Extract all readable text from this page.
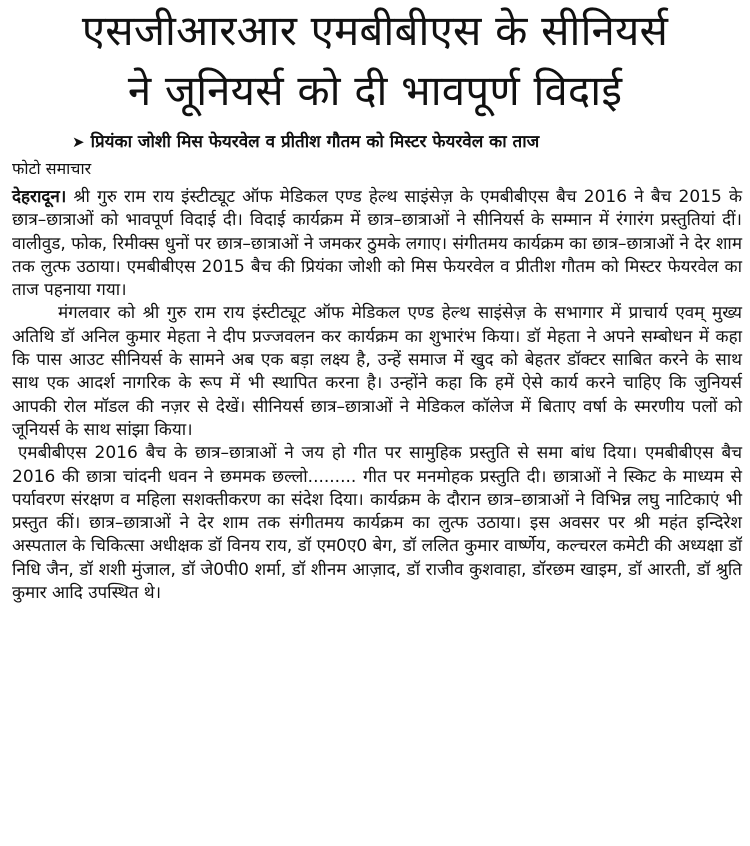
एसजीआरआर एमबीबीएस के सीनियर्स
ने जूनियर्स को दी भावपूर्ण विदाई
➤ प्रियंका जोशी मिस फेयरवेल व प्रीतीश गौतम को मिस्टर फेयरवेल का ताज
फोटो समाचार

देहरादून। श्री गुरु राम राय इंस्टीट्यूट ऑफ मेडिकल एण्ड हेल्थ साइंसेज़ के एमबीबीएस बैच 2016 ने बैच 2015 के छात्र–छात्राओं को भावपूर्ण विदाई दी। विदाई कार्यक्रम में छात्र–छात्राओं ने सीनियर्स के सम्मान में रंगारंग प्रस्तुतियां दीं। वालीवुड, फोक, रिमीक्स धुनों पर छात्र–छात्राओं ने जमकर ठुमके लगाए। संगीतमय कार्यक्रम का छात्र–छात्राओं ने देर शाम तक लुत्फ उठाया। एमबीबीएस 2015 बैच की प्रियंका जोशी को मिस फेयरवेल व प्रीतीश गौतम को मिस्टर फेयरवेल का ताज पहनाया गया।

मंगलवार को श्री गुरु राम राय इंस्टीट्यूट ऑफ मेडिकल एण्ड हेल्थ साइंसेज़ के सभागार में प्राचार्य एवम् मुख्य अतिथि डॉ अनिल कुमार मेहता ने दीप प्रज्जवलन कर कार्यक्रम का शुभारंभ किया। डॉ मेहता ने अपने सम्बोधन में कहा कि पास आउट सीनियर्स के सामने अब एक बड़ा लक्ष्य है, उन्हें समाज में खुद को बेहतर डॉक्टर साबित करने के साथ साथ एक आदर्श नागरिक के रूप में भी स्थापित करना है। उन्होंने कहा कि हमें ऐसे कार्य करने चाहिए कि जुनियर्स आपकी रोल मॉडल की नज़र से देखें। सीनियर्स छात्र–छात्राओं ने मेडिकल कॉलेज में बिताए वर्षा के स्मरणीय पलों को जूनियर्स के साथ सांझा किया।

एमबीबीएस 2016 बैच के छात्र–छात्राओं ने जय हो गीत पर सामुहिक प्रस्तुति से समा बांध दिया। एमबीबीएस बैच 2016 की छात्रा चांदनी धवन ने छममक छल्लो......... गीत पर मनमोहक प्रस्तुति दी। छात्राओं ने स्किट के माध्यम से पर्यावरण संरक्षण व महिला सशक्तीकरण का संदेश दिया। कार्यक्रम के दौरान छात्र–छात्राओं ने विभिन्न लघु नाटिकाएं भी प्रस्तुत कीं। छात्र–छात्राओं ने देर शाम तक संगीतमय कार्यक्रम का लुत्फ उठाया। इस अवसर पर श्री महंत इन्दिरेश अस्पताल के चिकित्सा अधीक्षक डॉ विनय राय, डॉ एम0ए0 बेग, डॉ ललित कुमार वार्ष्णेय, कल्चरल कमेटी की अध्यक्षा डॉ निधि जैन, डॉ शशी मुंजाल, डॉ जे0पी0 शर्मा, डॉ शीनम आज़ाद, डॉ राजीव कुशवाहा, डॉरछम खाइम, डॉ आरती, डॉ श्रुति कुमार आदि उपस्थित थे।
